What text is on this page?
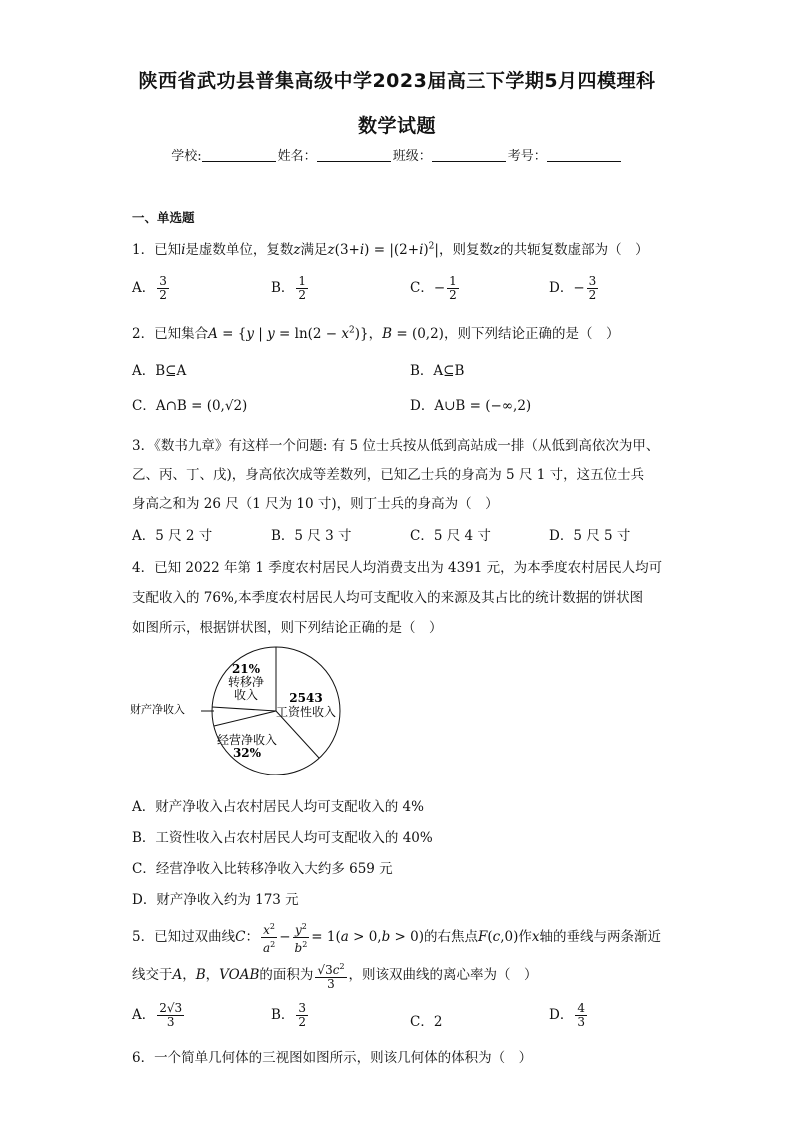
陕西省武功县普集高级中学2023届高三下学期5月四模理科
数学试题
学校:	姓名：	班级：	考号：
一、单选题
1．已知i是虚数单位，复数z满足$z(3+i) = |(2+i)^2|$，则复数z的共轭复数虚部为（　）
A． $\frac{3}{2}$	B． $\frac{1}{2}$	C．− $\frac{1}{2}$	D．− $\frac{3}{2}$
2．已知集合A = {y | $y = \ln(2 - x^2)$}，B = (0,2)，则下列结论正确的是（　）
A．B⊆A	B．A⊆B
C．A∩B = (0,√2)	D．A∪B = (−∞,2)
3．《数书九章》有这样一个问题: 有 5 位士兵按从低到高站成一排（从低到高依次为甲、
乙、丙、丁、戊)，身高依次成等差数列，已知乙士兵的身高为 5 尺 1 寸，这五位士兵
身高之和为 26 尺（1 尺为 10 寸)，则丁士兵的身高为（　）
A．5 尺 2 寸	B．5 尺 3 寸	C．5 尺 4 寸	D．5 尺 5 寸
4．已知 2022 年第 1 季度农村居民人均消费支出为 4391 元，为本季度农村居民人均可
支配收入的 76%,本季度农村居民人均可支配收入的来源及其占比的统计数据的饼状图
如图所示，根据饼状图，则下列结论正确的是（　）
21%
转移净
收入	2543
工资性收入
经营净收入
32%
财产净收入
A．财产净收入占农村居民人均可支配收入的 4%
B．工资性收入占农村居民人均可支配收入的 40%
C．经营净收入比转移净收入大约多 659 元
D．财产净收入约为 173 元
5．已知过双曲线C： $\frac{x^2}{a^2} - \frac{y^2}{b^2} = 1(a > 0,b > 0)$的右焦点F(c,0)作x轴的垂线与两条渐近
线交于A，B，VOAB的面积为 $\frac{√3c^2}{3}$ ，则该双曲线的离心率为（　）
A． $\frac{2√3}{3}$	B． $\frac{3}{2}$	C．2	D． $\frac{4}{3}$
6．一个简单几何体的三视图如图所示，则该几何体的体积为（　）
